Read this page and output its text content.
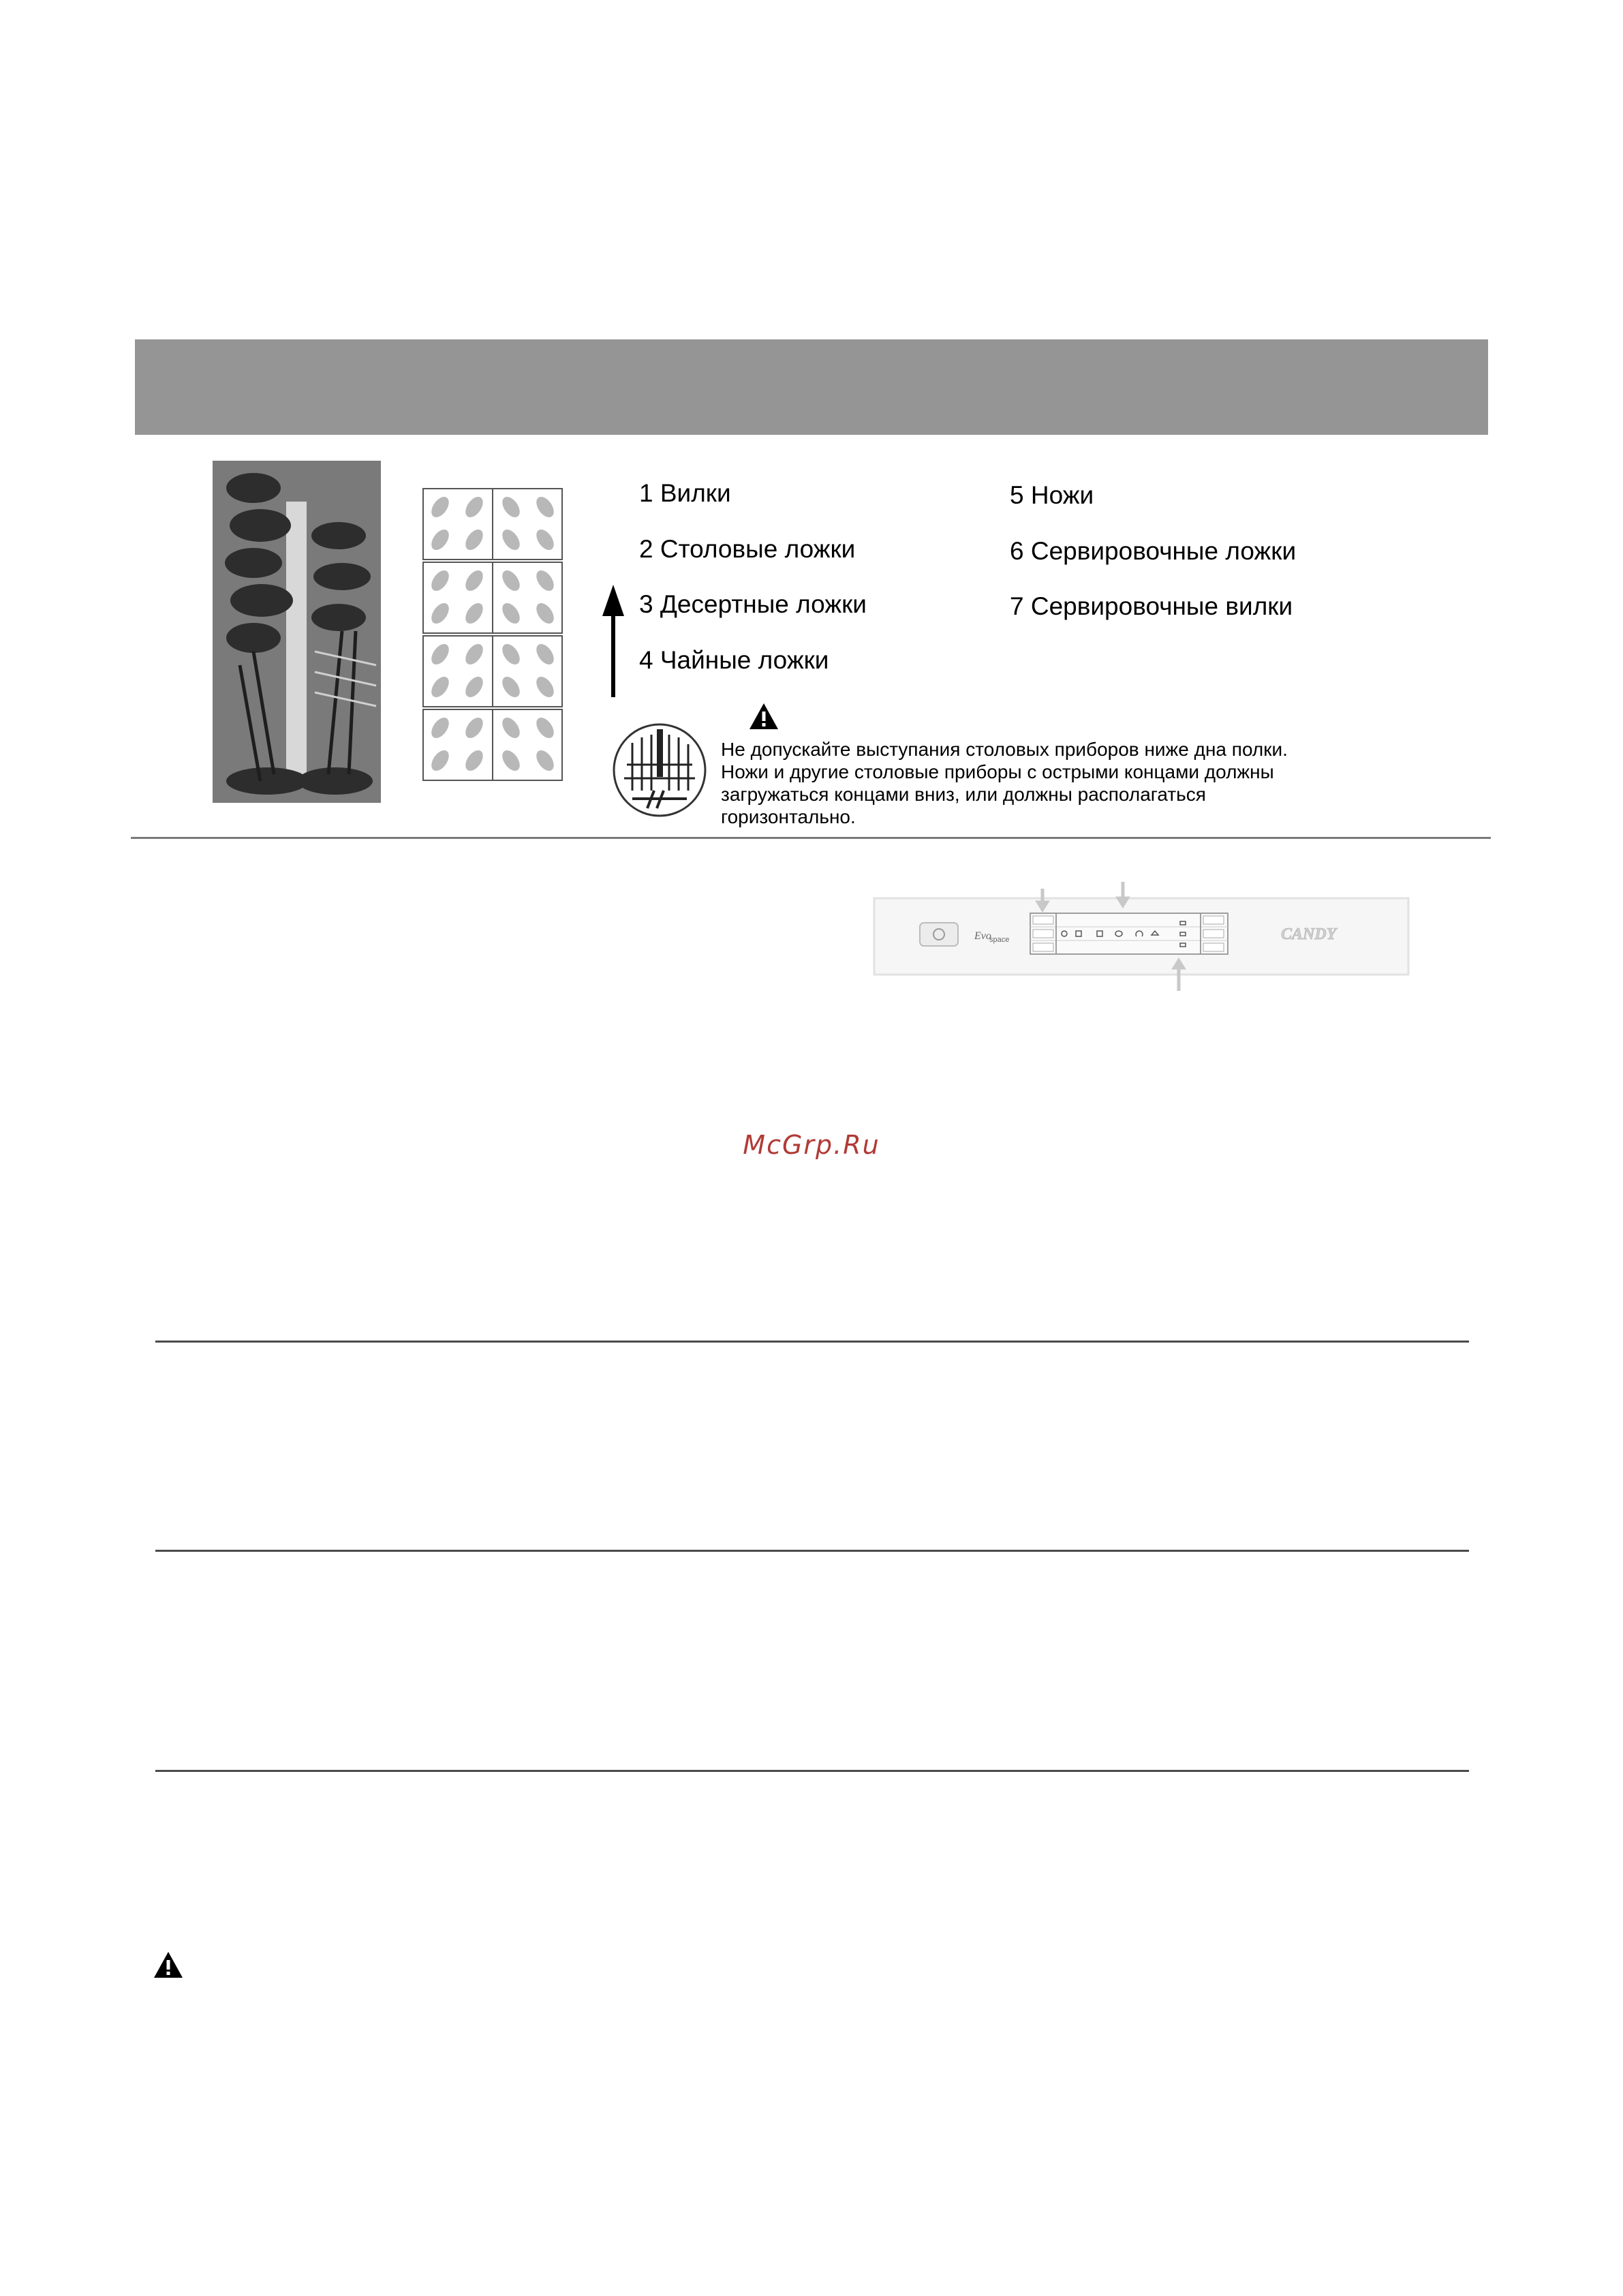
1 Вилки
2 Столовые ложки
3 Десертные ложки
4 Чайные ложки
5 Ножи
6 Сервировочные ложки
7 Сервировочные вилки
Не допускайте выступания столовых приборов ниже дна полки.
Ножи и другие столовые приборы с острыми концами должны
загружаться концами вниз, или должны располагаться
горизонтально.
Evo
space	CANDY
McGrp.Ru
